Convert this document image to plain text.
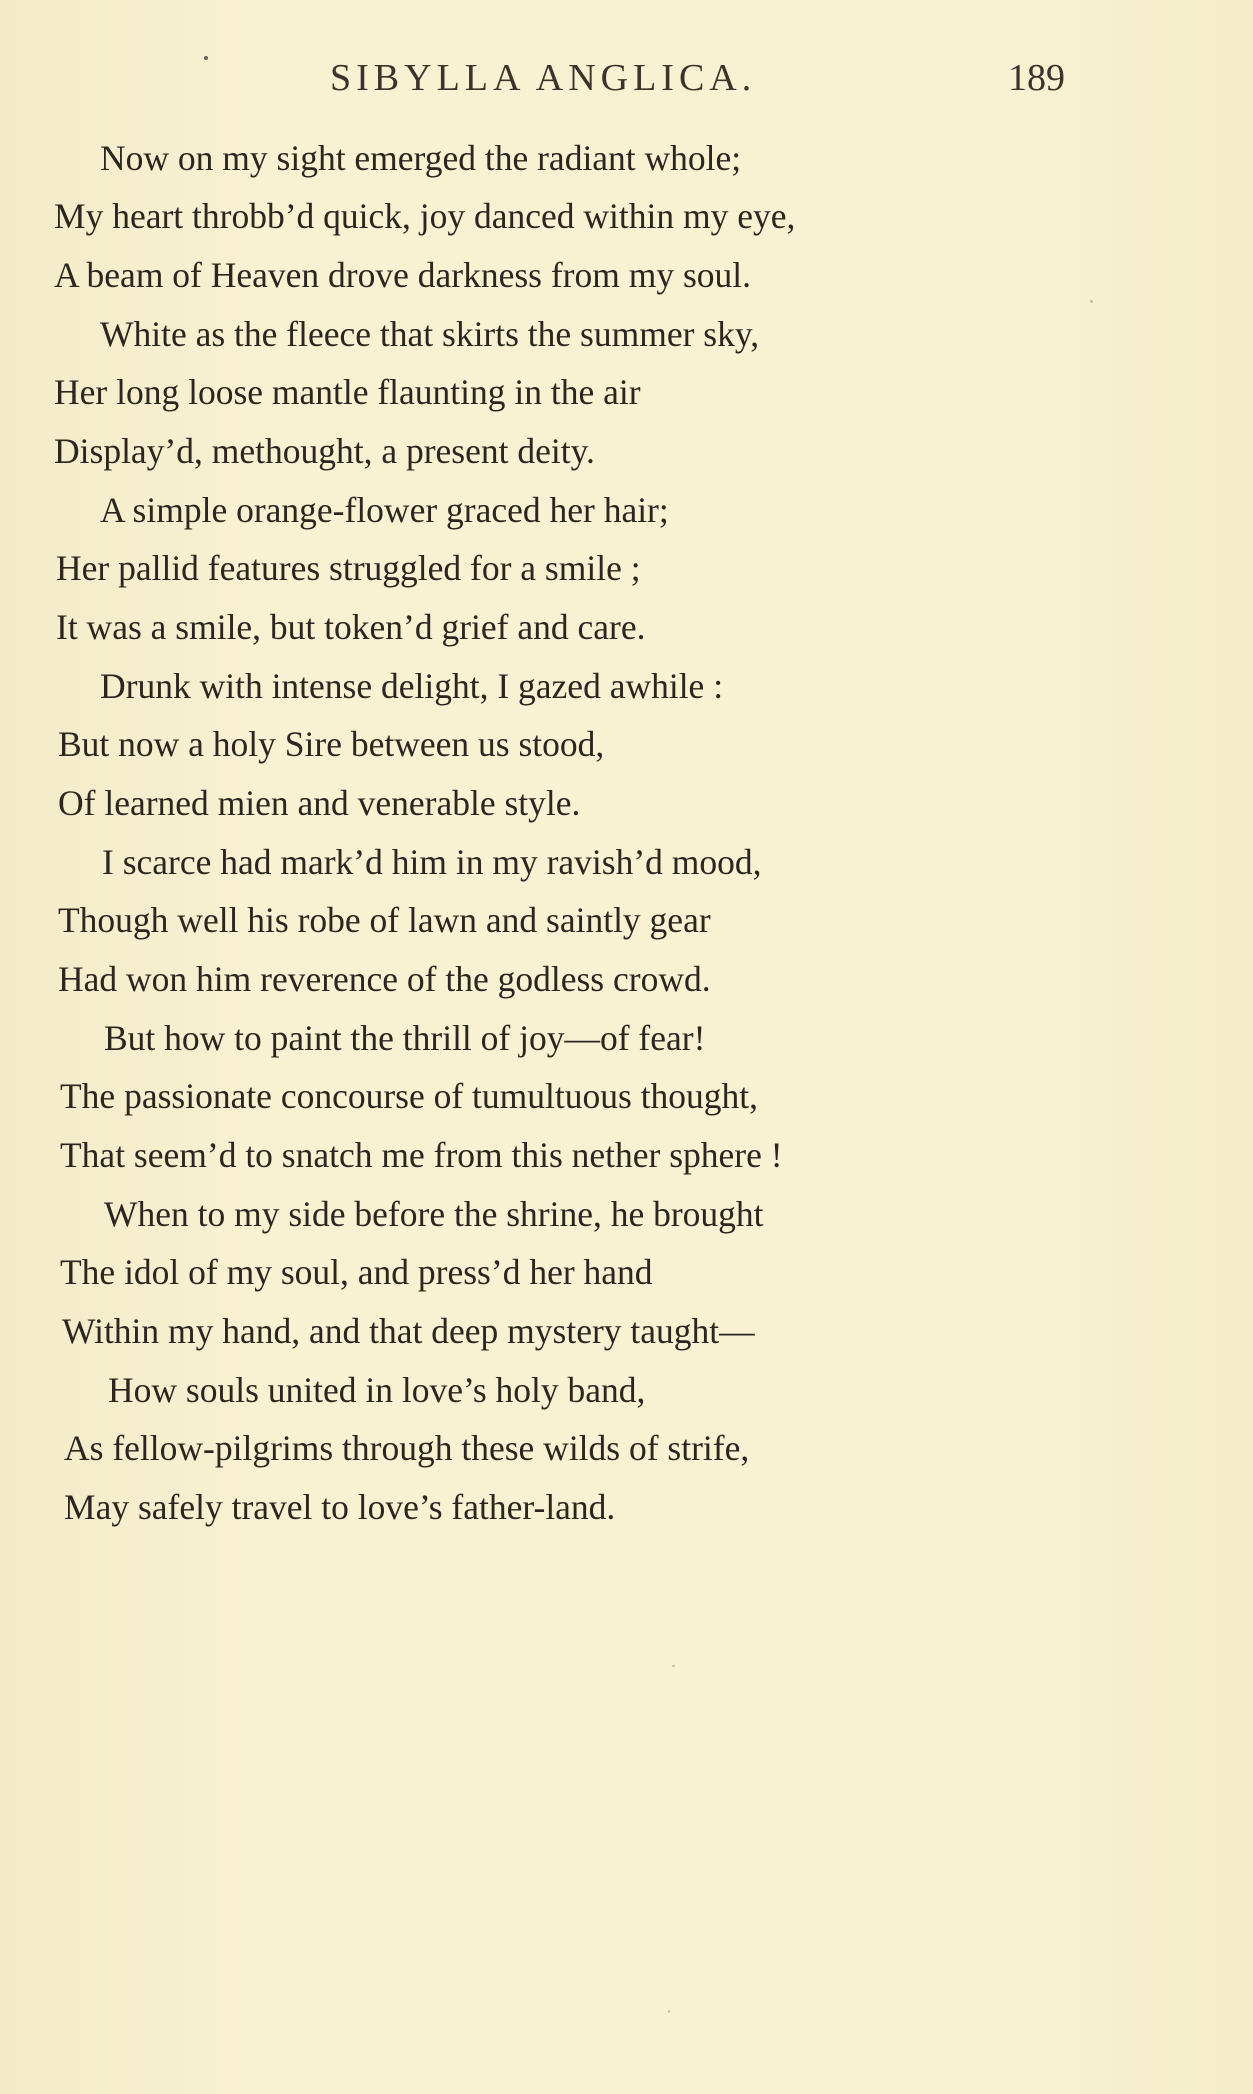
SIBYLLA ANGLICA.	189
Now on my sight emerged the radiant whole;
My heart throbb’d quick, joy danced within my eye,
A beam of Heaven drove darkness from my soul.
White as the fleece that skirts the summer sky,
Her long loose mantle flaunting in the air
Display’d, methought, a present deity.
A simple orange-flower graced her hair;
Her pallid features struggled for a smile ;
It was a smile, but token’d grief and care.
Drunk with intense delight, I gazed awhile :
But now a holy Sire between us stood,
Of learned mien and venerable style.
I scarce had mark’d him in my ravish’d mood,
Though well his robe of lawn and saintly gear
Had won him reverence of the godless crowd.
But how to paint the thrill of joy—of fear!
The passionate concourse of tumultuous thought,
That seem’d to snatch me from this nether sphere !
When to my side before the shrine, he brought
The idol of my soul, and press’d her hand
Within my hand, and that deep mystery taught—
How souls united in love’s holy band,
As fellow-pilgrims through these wilds of strife,
May safely travel to love’s father-land.
